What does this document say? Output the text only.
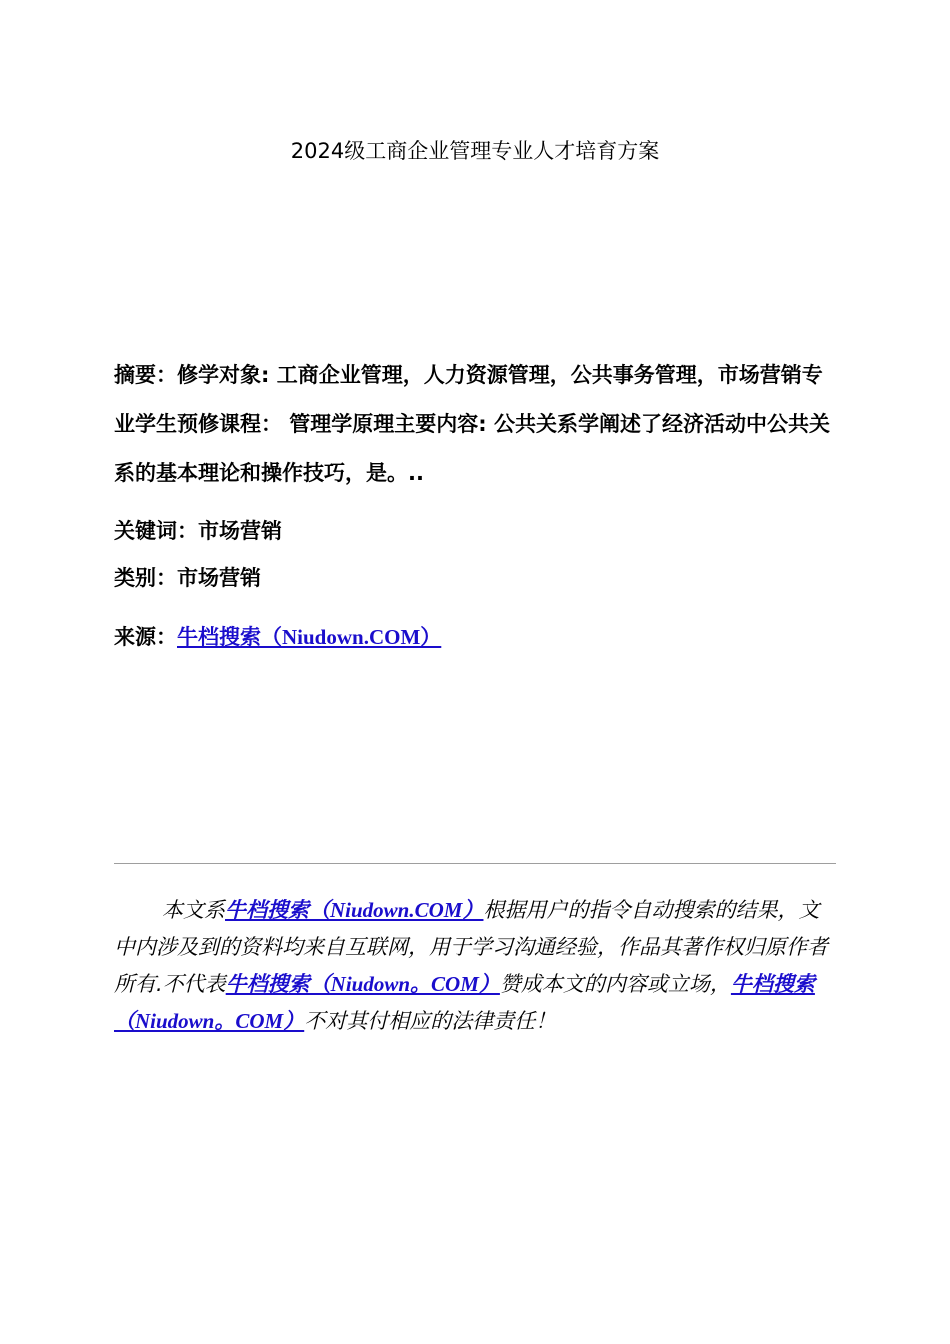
2024级工商企业管理专业人才培育方案
摘要：修学对象: 工商企业管理，人力资源管理，公共事务管理，市场营销专业学生预修课程： 管理学原理主要内容: 公共关系学阐述了经济活动中公共关系的基本理论和操作技巧，是。..
关键词：市场营销
类别：市场营销
来源：牛档搜索（Niudown.COM）
本文系牛档搜索（Niudown.COM）根据用户的指令自动搜索的结果，文中内涉及到的资料均来自互联网，用于学习沟通经验，作品其著作权归原作者所有.不代表牛档搜索（Niudown。COM）赞成本文的内容或立场，牛档搜索（Niudown。COM）不对其付相应的法律责任！
